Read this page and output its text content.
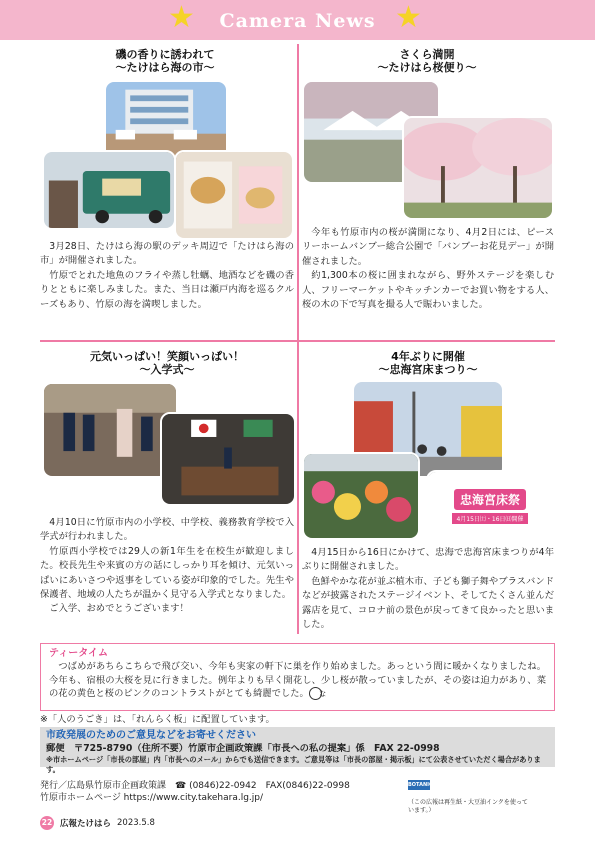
★ Camera News ★
磯の香りに誘われて
～たけはら海の市～

3月28日、たけはら海の駅のデッキ周辺で「たけはら海の市」が開催されました。

竹原でとれた地魚のフライや蒸し牡蠣、地酒などを磯の香りとともに楽しみました。また、当日は瀬戸内海を巡るクルーズもあり、竹原の海を満喫しました。

さくら満開
～たけはら桜便り～

今年も竹原市内の桜が満開になり、4月2日には、ピースリーホームバンブー総合公園で「バンブーお花見デー」が開催されました。

約1,300本の桜に囲まれながら、野外ステージを楽しむ人、フリーマーケットやキッチンカーでお買い物をする人、桜の木の下で写真を撮る人で賑わいました。

元気いっぱい！笑顔いっぱい！
～入学式～

4月10日に竹原市内の小学校、中学校、義務教育学校で入学式が行われました。

竹原西小学校では29人の新1年生を在校生が歓迎しました。校長先生や来賓の方の話にしっかり耳を傾け、元気いっぱいにあいさつや返事をしている姿が印象的でした。先生や保護者、地域の人たちが温かく見守る入学式となりました。

ご入学、おめでとうございます！

4年ぶりに開催
～忠海宮床まつり～
忠海宮床祭
4月15日㈯・16日㈰開催

4月15日から16日にかけて、忠海で忠海宮床まつりが4年ぶりに開催されました。

色鮮やかな花が並ぶ植木市、子ども獅子舞やブラスバンドなどが披露されたステージイベント、そしてたくさん並んだ露店を見て、コロナ前の景色が戻ってきて良かったと思いました。

ティータイム
つばめがあちらこちらで飛び交い、今年も実家の軒下に巣を作り始めました。あっという間に暖かくなりましたね。今年も、宿根の大桜を見に行きました。例年よりも早く開花し、少し桜が散っていましたが、その姿は迫力があり、菜の花の黄色と桜のピンクのコントラストがとても綺麗でした。 な
※「人のうごき」は、「れんらく板」に配置しています。
市政発展のためのご意見などをお寄せください
郵便　〒725-8790（住所不要）竹原市企画政策課「市長への私の提案」係　FAX 22-0998
※市ホームページ「市長の部屋」内「市長へのメール」からでも送信できます。ご意見等は「市長の部屋・掲示板」にて公表させていただく場合があります。
発行／広島県竹原市企画政策課　☎ (0846)22-0942　FAX(0846)22-0998
竹原市ホームページ https://www.city.takehara.lg.jp/
BOTANICAL INK
（この広報は再生紙・大豆油インクを使っています。）
22 広報たけはら 2023.5.8
